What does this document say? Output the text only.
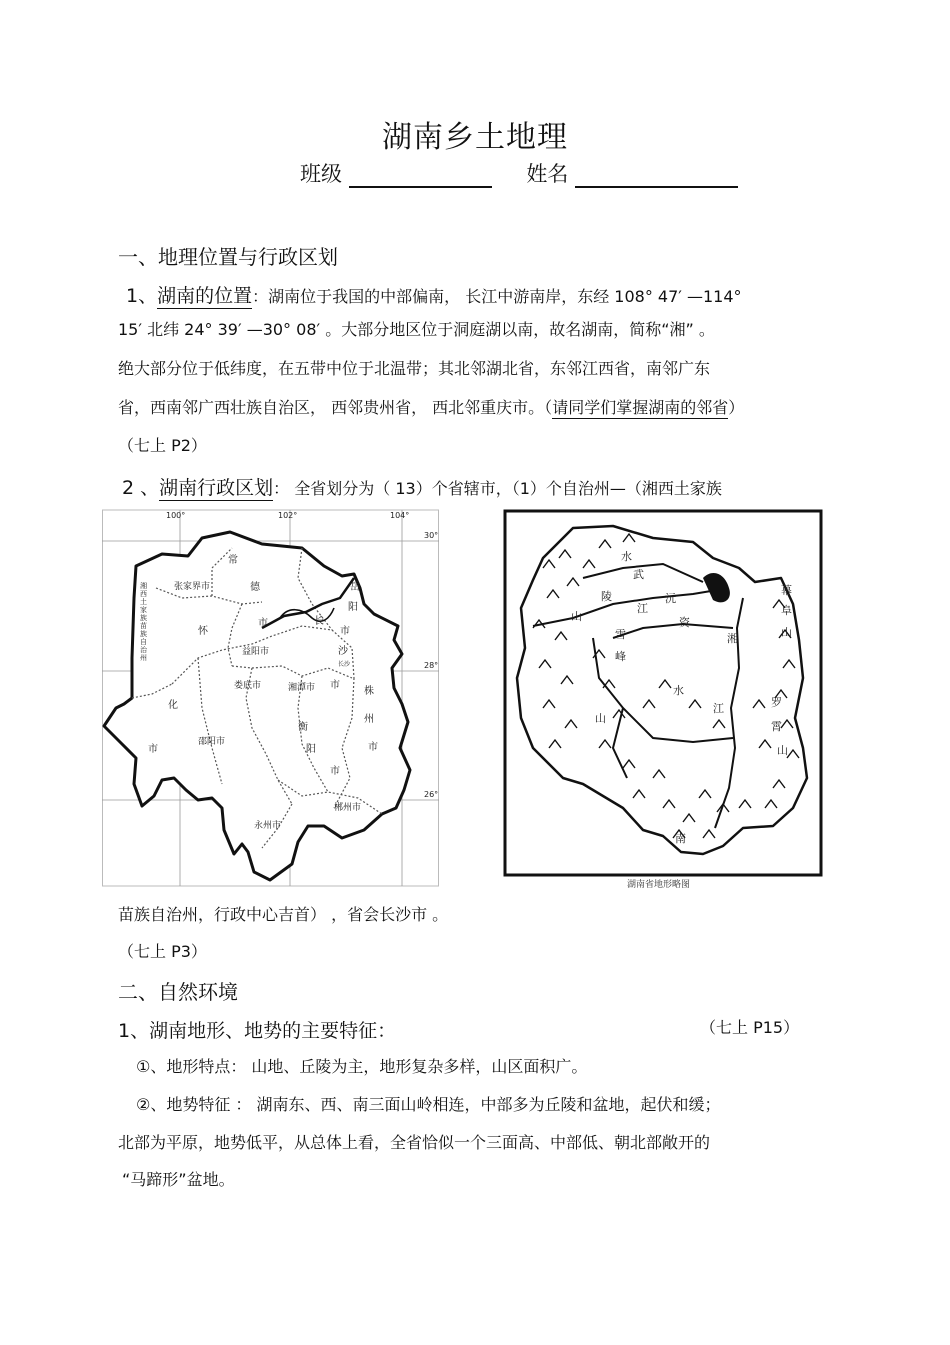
湖南乡土地理
班级	姓名
一、地理位置与行政区划
1、湖南的位置：湖南位于我国的中部偏南， 长江中游南岸，东经 108° 47′ —114°
15′ 北纬 24° 39′ —30° 08′ 。大部分地区位于洞庭湖以南，故名湖南，简称“湘” 。
绝大部分位于低纬度，在五带中位于北温带；其北邻湖北省，东邻江西省，南邻广东
省，西南邻广西壮族自治区， 西邻贵州省， 西北邻重庆市。（请同学们掌握湖南的邻省）
（七上 P2）
2 、湖南行政区划： 全省划分为（ 13）个省辖市，（1）个自治州—（湘西土家族
100°	102°	104°
30°
28°
26°
常
德
市
张家界市	岳
阳
市
湘西土家族苗族自治州
怀
化
市
益阳市
长
沙
市
长沙
娄底市	湘潭市	株
州
市
邵阳市
衡
阳
市
郴州市
永州市
水
武
陵
山
沅
江
雪
峰
山
资
水
湘
江	罗
霄
山
幕
阜
山
南
湖南省地形略图
苗族自治州，行政中心吉首） ，省会长沙市 。
（七上 P3）
二、自然环境
1、湖南地形、地势的主要特征：	（七上 P15）
①、地形特点： 山地、丘陵为主，地形复杂多样，山区面积广。
②、地势特征 ： 湖南东、西、南三面山岭相连，中部多为丘陵和盆地，起伏和缓；
北部为平原，地势低平，从总体上看，全省恰似一个三面高、中部低、朝北部敞开的
“马蹄形”盆地。
